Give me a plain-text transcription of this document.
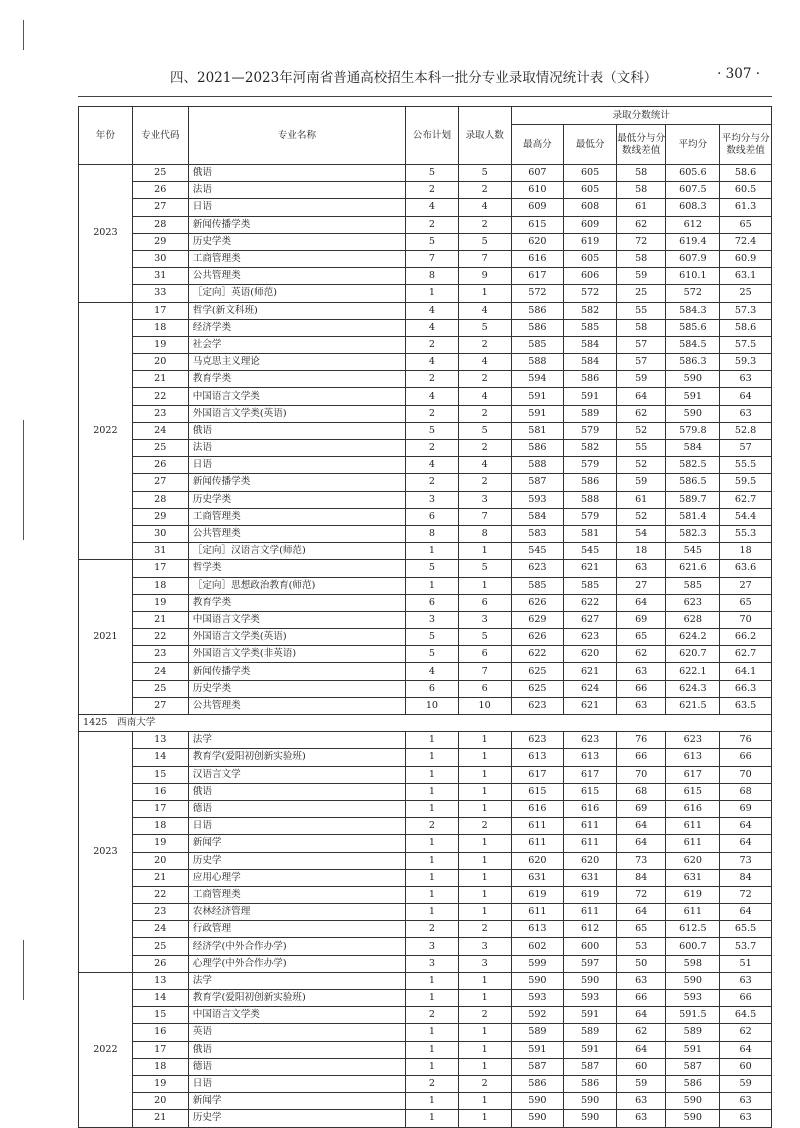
四、2021—2023年河南省普通高校招生本科一批分专业录取情况统计表（文科）	· 307 ·
年份	专业代码	专业名称	公布计划	录取人数	录取分数统计				
					最高分	最低分	最低分与分数线差值	平均分	平均分与分数线差值
2023	25	俄语	5	5	607	605	58	605.6	58.6
	26	法语	2	2	610	605	58	607.5	60.5
	27	日语	4	4	609	608	61	608.3	61.3
	28	新闻传播学类	2	2	615	609	62	612	65
	29	历史学类	5	5	620	619	72	619.4	72.4
	30	工商管理类	7	7	616	605	58	607.9	60.9
	31	公共管理类	8	9	617	606	59	610.1	63.1
	33	［定向］英语(师范)	1	1	572	572	25	572	25
2022	17	哲学(新文科班)	4	4	586	582	55	584.3	57.3
	18	经济学类	4	5	586	585	58	585.6	58.6
	19	社会学	2	2	585	584	57	584.5	57.5
	20	马克思主义理论	4	4	588	584	57	586.3	59.3
	21	教育学类	2	2	594	586	59	590	63
	22	中国语言文学类	4	4	591	591	64	591	64
	23	外国语言文学类(英语)	2	2	591	589	62	590	63
	24	俄语	5	5	581	579	52	579.8	52.8
	25	法语	2	2	586	582	55	584	57
	26	日语	4	4	588	579	52	582.5	55.5
	27	新闻传播学类	2	2	587	586	59	586.5	59.5
	28	历史学类	3	3	593	588	61	589.7	62.7
	29	工商管理类	6	7	584	579	52	581.4	54.4
	30	公共管理类	8	8	583	581	54	582.3	55.3
	31	［定向］汉语言文学(师范)	1	1	545	545	18	545	18
2021	17	哲学类	5	5	623	621	63	621.6	63.6
	18	［定向］思想政治教育(师范)	1	1	585	585	27	585	27
	19	教育学类	6	6	626	622	64	623	65
	21	中国语言文学类	3	3	629	627	69	628	70
	22	外国语言文学类(英语)	5	5	626	623	65	624.2	66.2
	23	外国语言文学类(非英语)	5	6	622	620	62	620.7	62.7
	24	新闻传播学类	4	7	625	621	63	622.1	64.1
	25	历史学类	6	6	625	624	66	624.3	66.3
	27	公共管理类	10	10	623	621	63	621.5	63.5
1425　西南大学									
2023	13	法学	1	1	623	623	76	623	76
	14	教育学(爱阳初创新实验班)	1	1	613	613	66	613	66
	15	汉语言文学	1	1	617	617	70	617	70
	16	俄语	1	1	615	615	68	615	68
	17	德语	1	1	616	616	69	616	69
	18	日语	2	2	611	611	64	611	64
	19	新闻学	1	1	611	611	64	611	64
	20	历史学	1	1	620	620	73	620	73
	21	应用心理学	1	1	631	631	84	631	84
	22	工商管理类	1	1	619	619	72	619	72
	23	农林经济管理	1	1	611	611	64	611	64
	24	行政管理	2	2	613	612	65	612.5	65.5
	25	经济学(中外合作办学)	3	3	602	600	53	600.7	53.7
	26	心理学(中外合作办学)	3	3	599	597	50	598	51
2022	13	法学	1	1	590	590	63	590	63
	14	教育学(爱阳初创新实验班)	1	1	593	593	66	593	66
	15	中国语言文学类	2	2	592	591	64	591.5	64.5
	16	英语	1	1	589	589	62	589	62
	17	俄语	1	1	591	591	64	591	64
	18	德语	1	1	587	587	60	587	60
	19	日语	2	2	586	586	59	586	59
	20	新闻学	1	1	590	590	63	590	63
	21	历史学	1	1	590	590	63	590	63
